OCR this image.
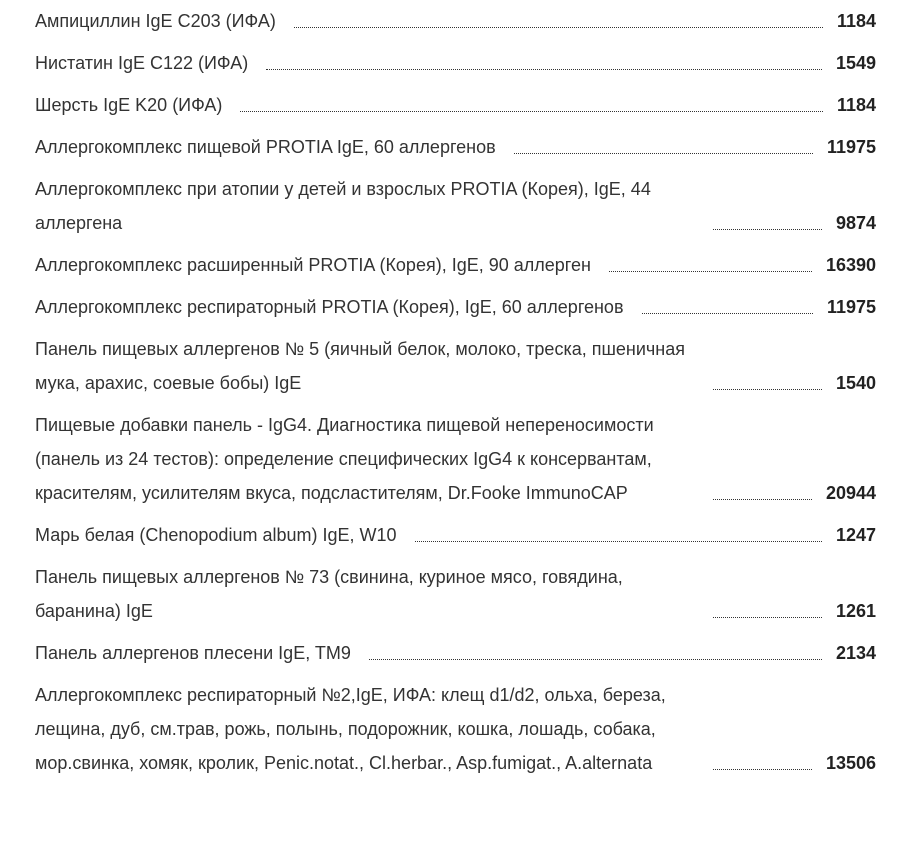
Ампициллин IgE C203 (ИФА)	1184
Нистатин IgE C122 (ИФА)	1549
Шерсть IgE K20 (ИФА)	1184
Аллергокомплекс пищевой PROTIA IgE, 60 аллергенов	11975
Аллергокомплекс при атопии у детей и взрослых PROTIA (Корея), IgE, 44 аллергена	9874
Аллергокомплекс расширенный PROTIA (Корея), IgE, 90 аллерген	16390
Аллергокомплекс респираторный PROTIA (Корея), IgE, 60 аллергенов	11975
Панель пищевых аллергенов № 5 (яичный белок, молоко, треска, пшеничная мука, арахис, соевые бобы) IgE	1540
Пищевые добавки панель - IgG4. Диагностика пищевой непереносимости (панель из 24 тестов): определение специфических IgG4 к консервантам, красителям, усилителям вкуса, подсластителям, Dr.Fooke ImmunoCAP	20944
Марь белая (Chenopodium album) IgE, W10	1247
Панель пищевых аллергенов № 73 (свинина, куриное мясо, говядина, баранина) IgE	1261
Панель аллергенов плесени IgE, TM9	2134
Аллергокомплекс респираторный №2,IgE, ИФА: клещ d1/d2, ольха, береза, лещина, дуб, см.трав, рожь, полынь, подорожник, кошка, лошадь, собака, мор.свинка, хомяк, кролик, Penic.notat., Cl.herbar., Asp.fumigat., A.alternata	13506
